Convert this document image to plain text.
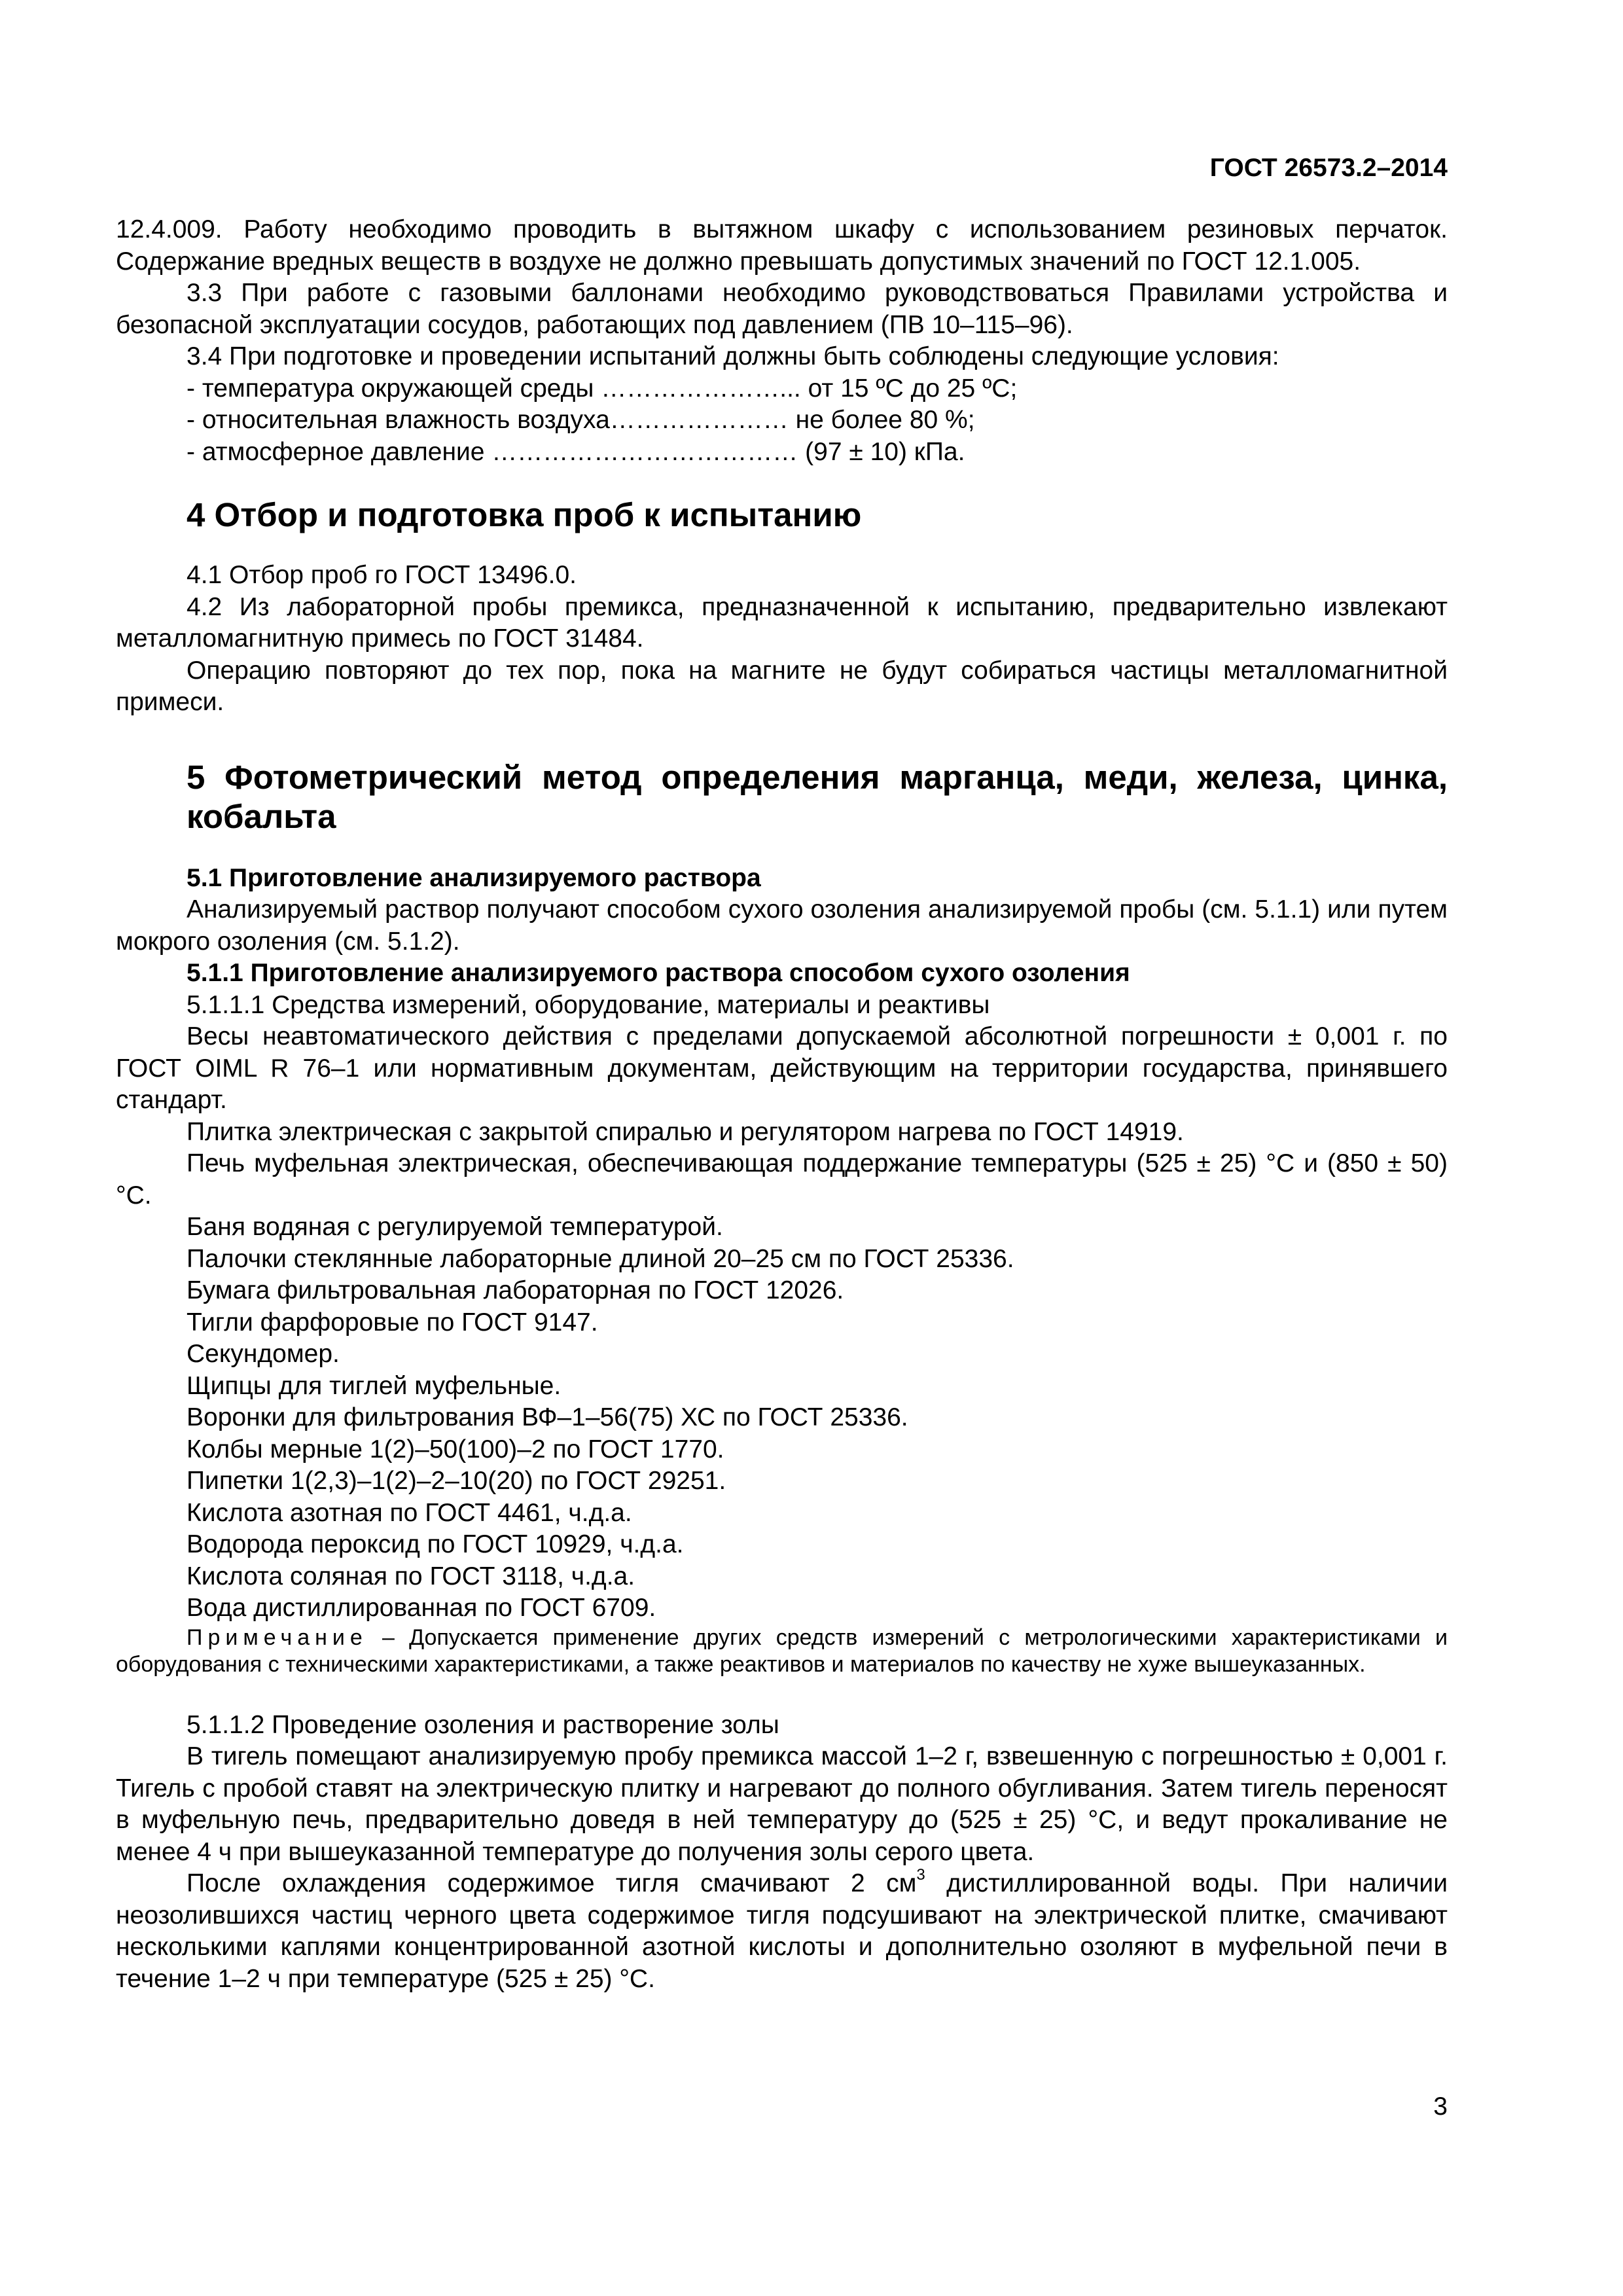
ГОСТ 26573.2–2014

12.4.009. Работу необходимо проводить в вытяжном шкафу с использованием резиновых перчаток. Содержание вредных веществ в воздухе не должно превышать допустимых значений по ГОСТ 12.1.005.

3.3 При работе с газовыми баллонами необходимо руководствоваться Правилами устройства и безопасной эксплуатации сосудов, работающих под давлением (ПВ 10–115–96).

3.4 При подготовке и проведении испытаний должны быть соблюдены следующие условия:

- температура окружающей среды …………………... от 15 ºС до 25 ºС;

- относительная влажность воздуха………………… не более 80 %;

- атмосферное давление ……………………………… (97 ± 10) кПа.

4 Отбор и подготовка проб к испытанию

4.1 Отбор проб го ГОСТ 13496.0.

4.2 Из лабораторной пробы премикса, предназначенной к испытанию, предварительно извлекают металломагнитную примесь по ГОСТ 31484.

Операцию повторяют до тех пор, пока на магните не будут собираться частицы металломагнитной примеси.

5 Фотометрический метод определения марганца, меди, железа, цинка, кобальта

5.1 Приготовление анализируемого раствора

Анализируемый раствор получают способом сухого озоления анализируемой пробы (см. 5.1.1) или путем мокрого озоления (см. 5.1.2).

5.1.1 Приготовление анализируемого раствора способом сухого озоления

5.1.1.1 Средства измерений, оборудование, материалы и реактивы

Весы неавтоматического действия с пределами допускаемой абсолютной погрешности ± 0,001 г. по ГОСТ OIML R 76–1 или нормативным документам, действующим на территории государства, принявшего стандарт.

Плитка электрическая с закрытой спиралью и регулятором нагрева по ГОСТ 14919.

Печь муфельная электрическая, обеспечивающая поддержание температуры (525 ± 25) °С и (850 ± 50) °С.

Баня водяная с регулируемой температурой.

Палочки стеклянные лабораторные длиной 20–25 см по ГОСТ 25336.

Бумага фильтровальная лабораторная по ГОСТ 12026.

Тигли фарфоровые по ГОСТ 9147.

Секундомер.

Щипцы для тиглей муфельные.

Воронки для фильтрования ВФ–1–56(75) ХС по ГОСТ 25336.

Колбы мерные 1(2)–50(100)–2 по ГОСТ 1770.

Пипетки 1(2,3)–1(2)–2–10(20) по ГОСТ 29251.

Кислота азотная по ГОСТ 4461, ч.д.а.

Водорода пероксид по ГОСТ 10929, ч.д.а.

Кислота соляная по ГОСТ 3118, ч.д.а.

Вода дистиллированная по ГОСТ 6709.

Примечание – Допускается применение других средств измерений с метрологическими характеристиками и оборудования с техническими характеристиками, а также реактивов и материалов по качеству не хуже вышеуказанных.

5.1.1.2 Проведение озоления и растворение золы

В тигель помещают анализируемую пробу премикса массой 1–2 г, взвешенную с погрешностью ± 0,001 г. Тигель с пробой ставят на электрическую плитку и нагревают до полного обугливания. Затем тигель переносят в муфельную печь, предварительно доведя в ней температуру до (525 ± 25) °С, и ведут прокаливание не менее 4 ч при вышеуказанной температуре до получения золы серого цвета.

После охлаждения содержимое тигля смачивают 2 $см^3$ дистиллированной воды. При наличии неозолившихся частиц черного цвета содержимое тигля подсушивают на электрической плитке, смачивают несколькими каплями концентрированной азотной кислоты и дополнительно озоляют в муфельной печи в течение 1–2 ч при температуре (525 ± 25) °С.

3
